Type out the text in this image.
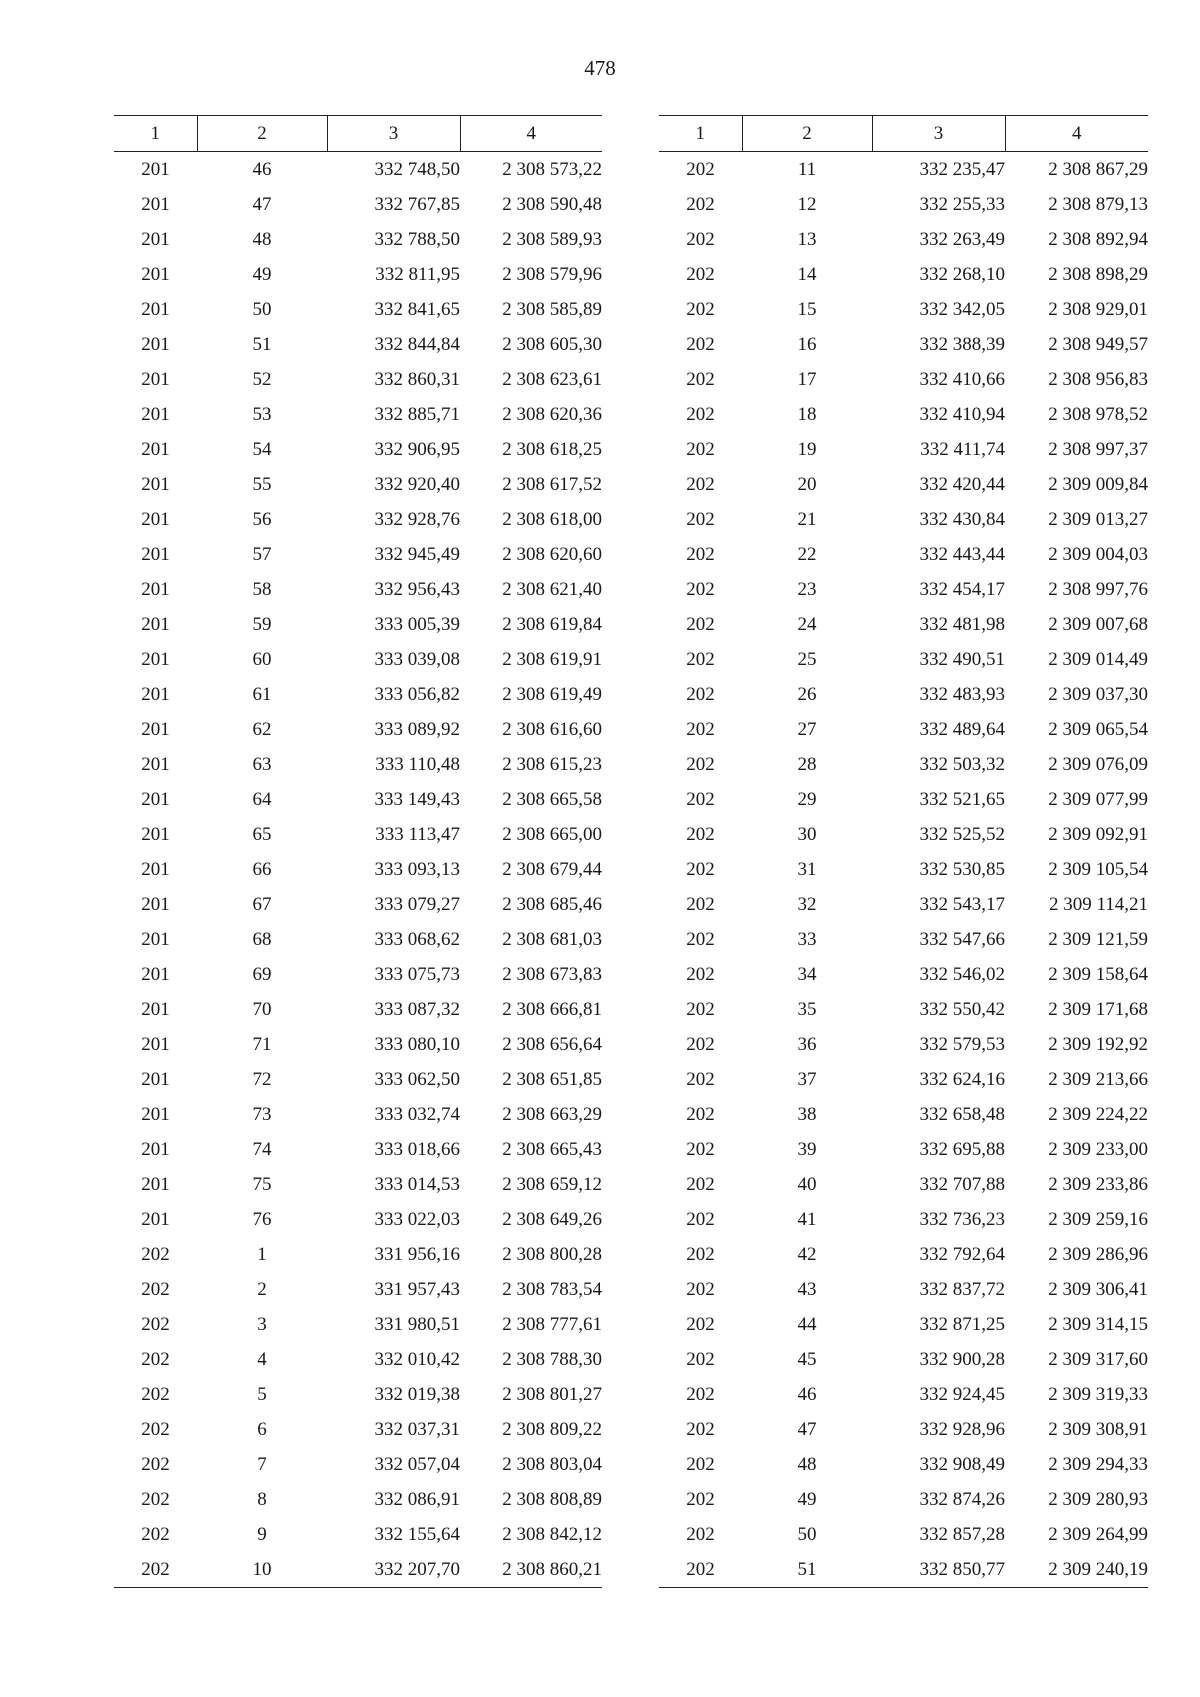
478
1	2	3	4
201	46	332 748,50	2 308 573,22
201	47	332 767,85	2 308 590,48
201	48	332 788,50	2 308 589,93
201	49	332 811,95	2 308 579,96
201	50	332 841,65	2 308 585,89
201	51	332 844,84	2 308 605,30
201	52	332 860,31	2 308 623,61
201	53	332 885,71	2 308 620,36
201	54	332 906,95	2 308 618,25
201	55	332 920,40	2 308 617,52
201	56	332 928,76	2 308 618,00
201	57	332 945,49	2 308 620,60
201	58	332 956,43	2 308 621,40
201	59	333 005,39	2 308 619,84
201	60	333 039,08	2 308 619,91
201	61	333 056,82	2 308 619,49
201	62	333 089,92	2 308 616,60
201	63	333 110,48	2 308 615,23
201	64	333 149,43	2 308 665,58
201	65	333 113,47	2 308 665,00
201	66	333 093,13	2 308 679,44
201	67	333 079,27	2 308 685,46
201	68	333 068,62	2 308 681,03
201	69	333 075,73	2 308 673,83
201	70	333 087,32	2 308 666,81
201	71	333 080,10	2 308 656,64
201	72	333 062,50	2 308 651,85
201	73	333 032,74	2 308 663,29
201	74	333 018,66	2 308 665,43
201	75	333 014,53	2 308 659,12
201	76	333 022,03	2 308 649,26
202	1	331 956,16	2 308 800,28
202	2	331 957,43	2 308 783,54
202	3	331 980,51	2 308 777,61
202	4	332 010,42	2 308 788,30
202	5	332 019,38	2 308 801,27
202	6	332 037,31	2 308 809,22
202	7	332 057,04	2 308 803,04
202	8	332 086,91	2 308 808,89
202	9	332 155,64	2 308 842,12
202	10	332 207,70	2 308 860,21
1	2	3	4
202	11	332 235,47	2 308 867,29
202	12	332 255,33	2 308 879,13
202	13	332 263,49	2 308 892,94
202	14	332 268,10	2 308 898,29
202	15	332 342,05	2 308 929,01
202	16	332 388,39	2 308 949,57
202	17	332 410,66	2 308 956,83
202	18	332 410,94	2 308 978,52
202	19	332 411,74	2 308 997,37
202	20	332 420,44	2 309 009,84
202	21	332 430,84	2 309 013,27
202	22	332 443,44	2 309 004,03
202	23	332 454,17	2 308 997,76
202	24	332 481,98	2 309 007,68
202	25	332 490,51	2 309 014,49
202	26	332 483,93	2 309 037,30
202	27	332 489,64	2 309 065,54
202	28	332 503,32	2 309 076,09
202	29	332 521,65	2 309 077,99
202	30	332 525,52	2 309 092,91
202	31	332 530,85	2 309 105,54
202	32	332 543,17	2 309 114,21
202	33	332 547,66	2 309 121,59
202	34	332 546,02	2 309 158,64
202	35	332 550,42	2 309 171,68
202	36	332 579,53	2 309 192,92
202	37	332 624,16	2 309 213,66
202	38	332 658,48	2 309 224,22
202	39	332 695,88	2 309 233,00
202	40	332 707,88	2 309 233,86
202	41	332 736,23	2 309 259,16
202	42	332 792,64	2 309 286,96
202	43	332 837,72	2 309 306,41
202	44	332 871,25	2 309 314,15
202	45	332 900,28	2 309 317,60
202	46	332 924,45	2 309 319,33
202	47	332 928,96	2 309 308,91
202	48	332 908,49	2 309 294,33
202	49	332 874,26	2 309 280,93
202	50	332 857,28	2 309 264,99
202	51	332 850,77	2 309 240,19
